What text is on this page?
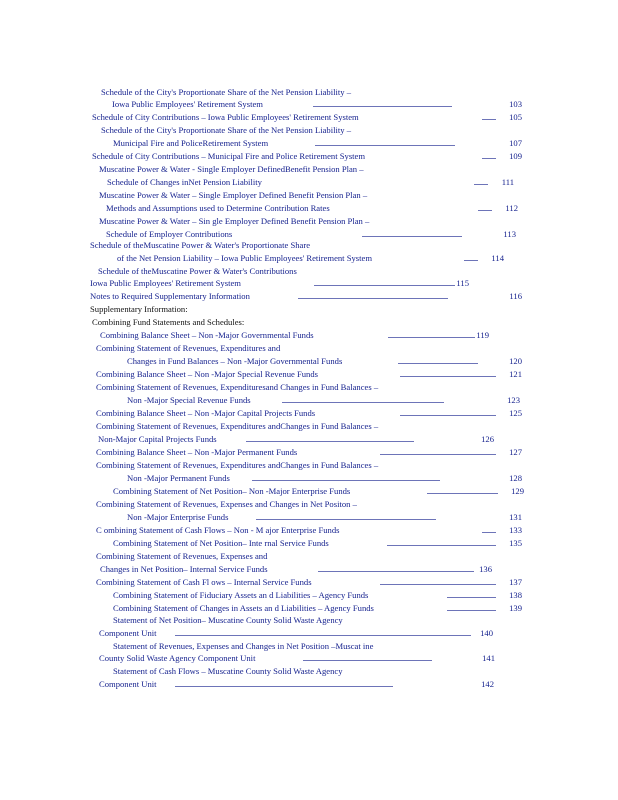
Schedule of the City's Proportionate Share of the Net Pension Liability –
Iowa Public Employees' Retirement System	103
Schedule of City Contributions – Iowa Public Employees' Retirement System	105
Schedule of the City's Proportionate Share of the Net Pension Liability –
Municipal Fire and PoliceRetirement System	107
Schedule of City Contributions – Municipal Fire and Police Retirement System	109
Muscatine Power & Water - Single Employer DefinedBenefit Pension Plan –
Schedule of Changes inNet Pension Liability	111
Muscatine Power & Water – Single Employer Defined Benefit Pension Plan –
Methods and Assumptions used to Determine Contribution Rates	112
Muscatine Power & Water – Sin gle Employer Defined Benefit Pension Plan –
Schedule of Employer Contributions	113
Schedule of theMuscatine Power & Water's Proportionate Share
of the Net Pension Liability – Iowa Public Employees' Retirement System	114
Schedule of theMuscatine Power & Water's Contributions
Iowa Public Employees' Retirement System	115
Notes to Required Supplementary Information	116
Supplementary Information:
Combining Fund Statements and Schedules:
Combining Balance Sheet – Non -Major Governmental Funds	119
Combining Statement of Revenues, Expenditures and
Changes in Fund Balances – Non -Major Governmental Funds	120
Combining Balance Sheet – Non -Major Special Revenue Funds	121
Combining Statement of Revenues, Expendituresand Changes in Fund Balances –
Non -Major Special Revenue Funds	123
Combining Balance Sheet – Non -Major Capital Projects Funds	125
Combining Statement of Revenues, Expenditures andChanges in Fund Balances –
Non-Major Capital Projects Funds	126
Combining Balance Sheet – Non -Major Permanent Funds	127
Combining Statement of Revenues, Expenditures andChanges in Fund Balances –
Non -Major Permanent Funds	128
Combining Statement of Net Position– Non -Major Enterprise Funds	129
Combining Statement of Revenues, Expenses and Changes in Net Positon –
Non -Major Enterprise Funds	131
C ombining Statement of Cash Flows – Non - M ajor Enterprise Funds	133
Combining Statement of Net Position– Inte rnal Service Funds	135
Combining Statement of Revenues, Expenses and
Changes in Net Position– Internal Service Funds	136
Combining Statement of Cash Fl ows – Internal Service Funds	137
Combining Statement of Fiduciary Assets an d Liabilities – Agency Funds	138
Combining Statement of Changes in Assets an d Liabilities – Agency Funds	139
Statement of Net Position– Muscatine County Solid Waste Agency
Component Unit	140
Statement of Revenues, Expenses and Changes in Net Position –Muscat ine
County Solid Waste Agency Component Unit	141
Statement of Cash Flows – Muscatine County Solid Waste Agency
Component Unit	142
